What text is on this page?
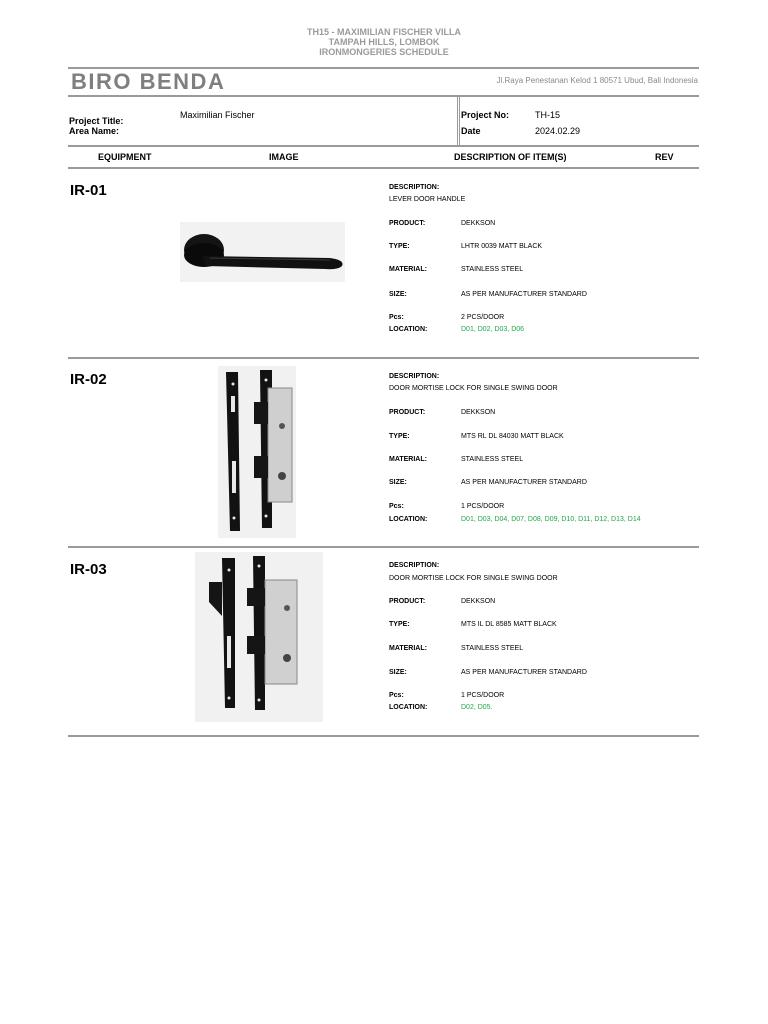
TH15 - MAXIMILIAN FISCHER VILLA
TAMPAH HILLS, LOMBOK
IRONMONGERIES SCHEDULE
BIRO BENDA	Jl.Raya Penestanan Kelod 1 80571 Ubud, Bali Indonesia
Project Title:
Maximilian Fischer
Area Name:
Project No:	TH-15
Date	2024.02.29
EQUIPMENT	IMAGE	DESCRIPTION OF ITEM(S)	REV
IR-01	DESCRIPTION:
LEVER DOOR HANDLE
PRODUCT:	DEKKSON
TYPE:	LHTR 0039 MATT BLACK
MATERIAL:	STAINLESS STEEL
SIZE:	AS PER MANUFACTURER STANDARD
Pcs:	2 PCS/DOOR
LOCATION:	D01, D02, D03, D06
IR-02	DESCRIPTION:
DOOR MORTISE LOCK FOR SINGLE SWING DOOR
PRODUCT:	DEKKSON
TYPE:	MTS RL DL 84030 MATT BLACK
MATERIAL:	STAINLESS STEEL
SIZE:	AS PER MANUFACTURER STANDARD
Pcs:	1 PCS/DOOR
LOCATION:	D01, D03, D04, D07, D08, D09, D10, D11, D12, D13, D14
IR-03	DESCRIPTION:
DOOR MORTISE LOCK FOR SINGLE SWING DOOR
PRODUCT:	DEKKSON
TYPE:	MTS IL DL 8585 MATT BLACK
MATERIAL:	STAINLESS STEEL
SIZE:	AS PER MANUFACTURER STANDARD
Pcs:	1 PCS/DOOR
LOCATION:	D02, D05.
